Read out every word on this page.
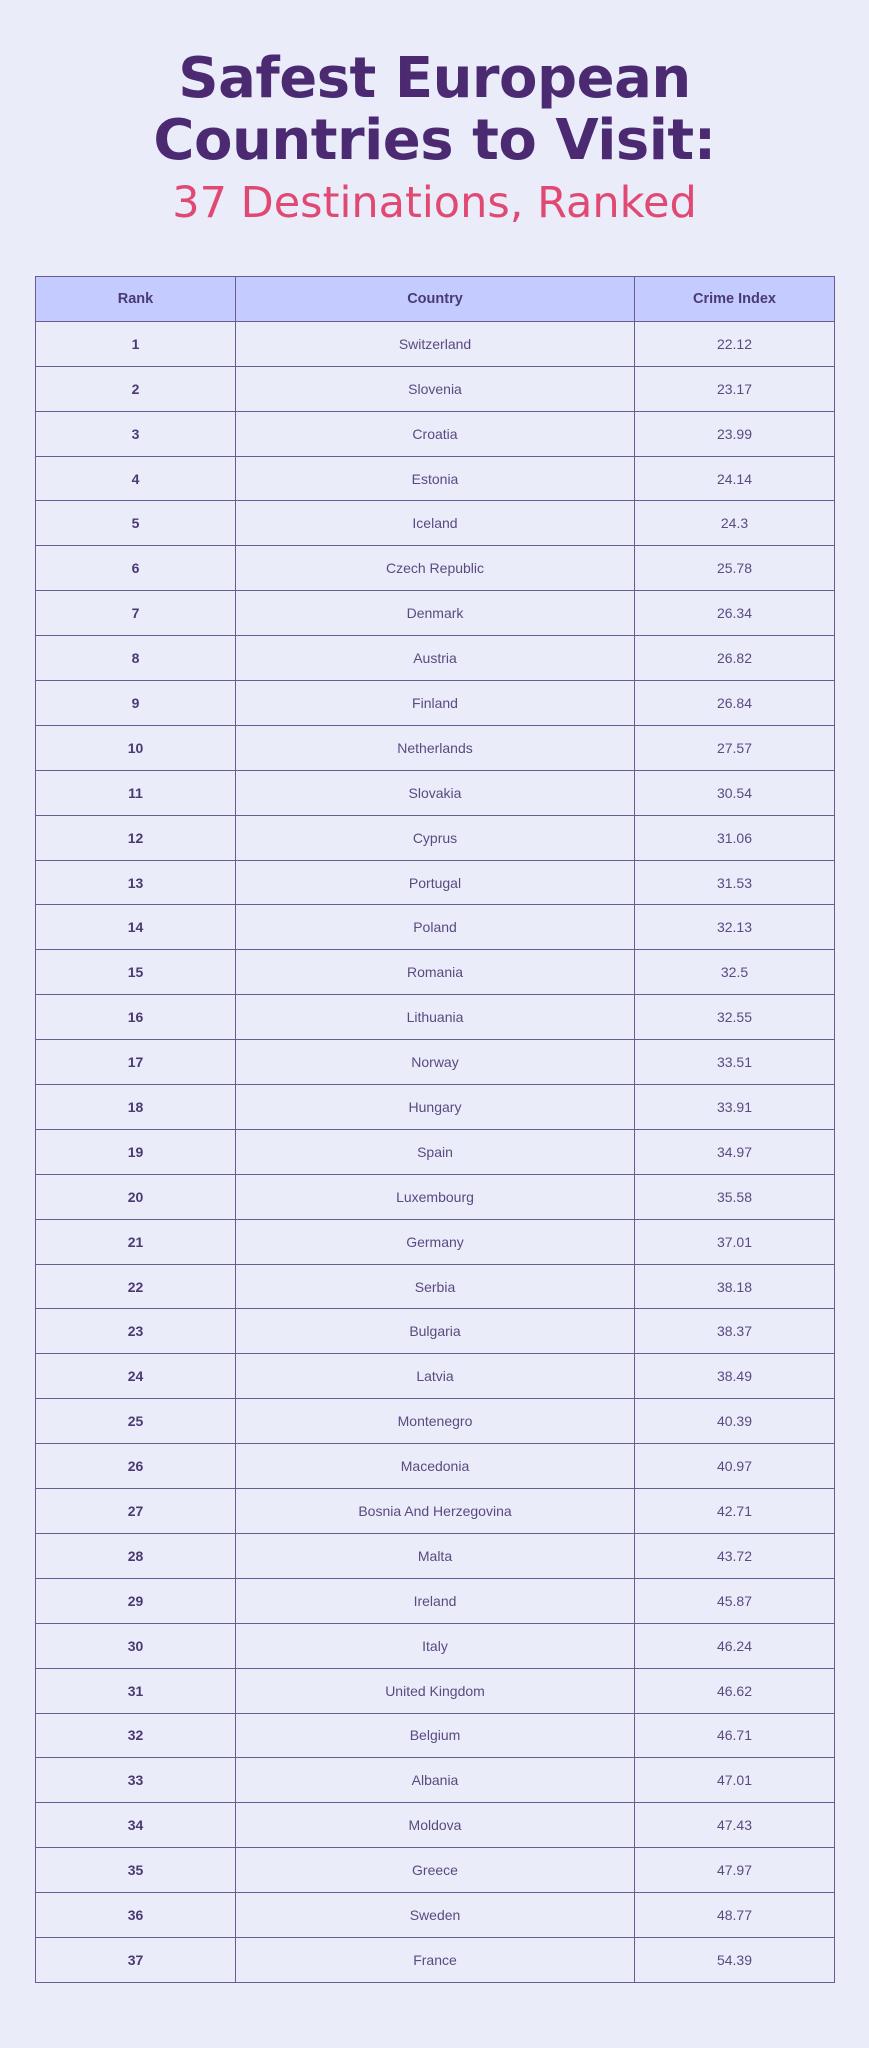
Safest European
Countries to Visit:
37 Destinations, Ranked
Rank	Country	Crime Index
1	Switzerland	22.12
2	Slovenia	23.17
3	Croatia	23.99
4	Estonia	24.14
5	Iceland	24.3
6	Czech Republic	25.78
7	Denmark	26.34
8	Austria	26.82
9	Finland	26.84
10	Netherlands	27.57
11	Slovakia	30.54
12	Cyprus	31.06
13	Portugal	31.53
14	Poland	32.13
15	Romania	32.5
16	Lithuania	32.55
17	Norway	33.51
18	Hungary	33.91
19	Spain	34.97
20	Luxembourg	35.58
21	Germany	37.01
22	Serbia	38.18
23	Bulgaria	38.37
24	Latvia	38.49
25	Montenegro	40.39
26	Macedonia	40.97
27	Bosnia And Herzegovina	42.71
28	Malta	43.72
29	Ireland	45.87
30	Italy	46.24
31	United Kingdom	46.62
32	Belgium	46.71
33	Albania	47.01
34	Moldova	47.43
35	Greece	47.97
36	Sweden	48.77
37	France	54.39
